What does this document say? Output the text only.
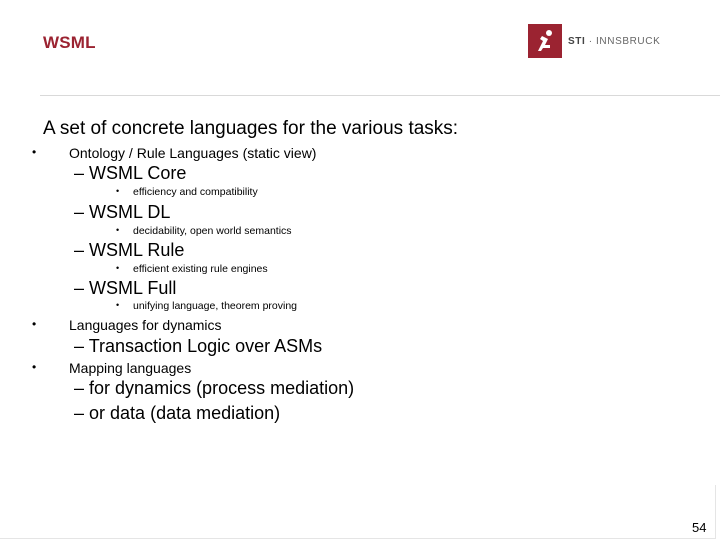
WSML	STI · INNSBRUCK
A set of concrete languages for the various tasks:
• Ontology / Rule Languages (static view)
– WSML Core
• efficiency and compatibility
– WSML DL
• decidability, open world semantics
– WSML Rule
• efficient existing rule engines
– WSML Full
• unifying language, theorem proving
• Languages for dynamics
– Transaction Logic over ASMs
• Mapping languages
– for dynamics (process mediation)
– or data (data mediation)
54
